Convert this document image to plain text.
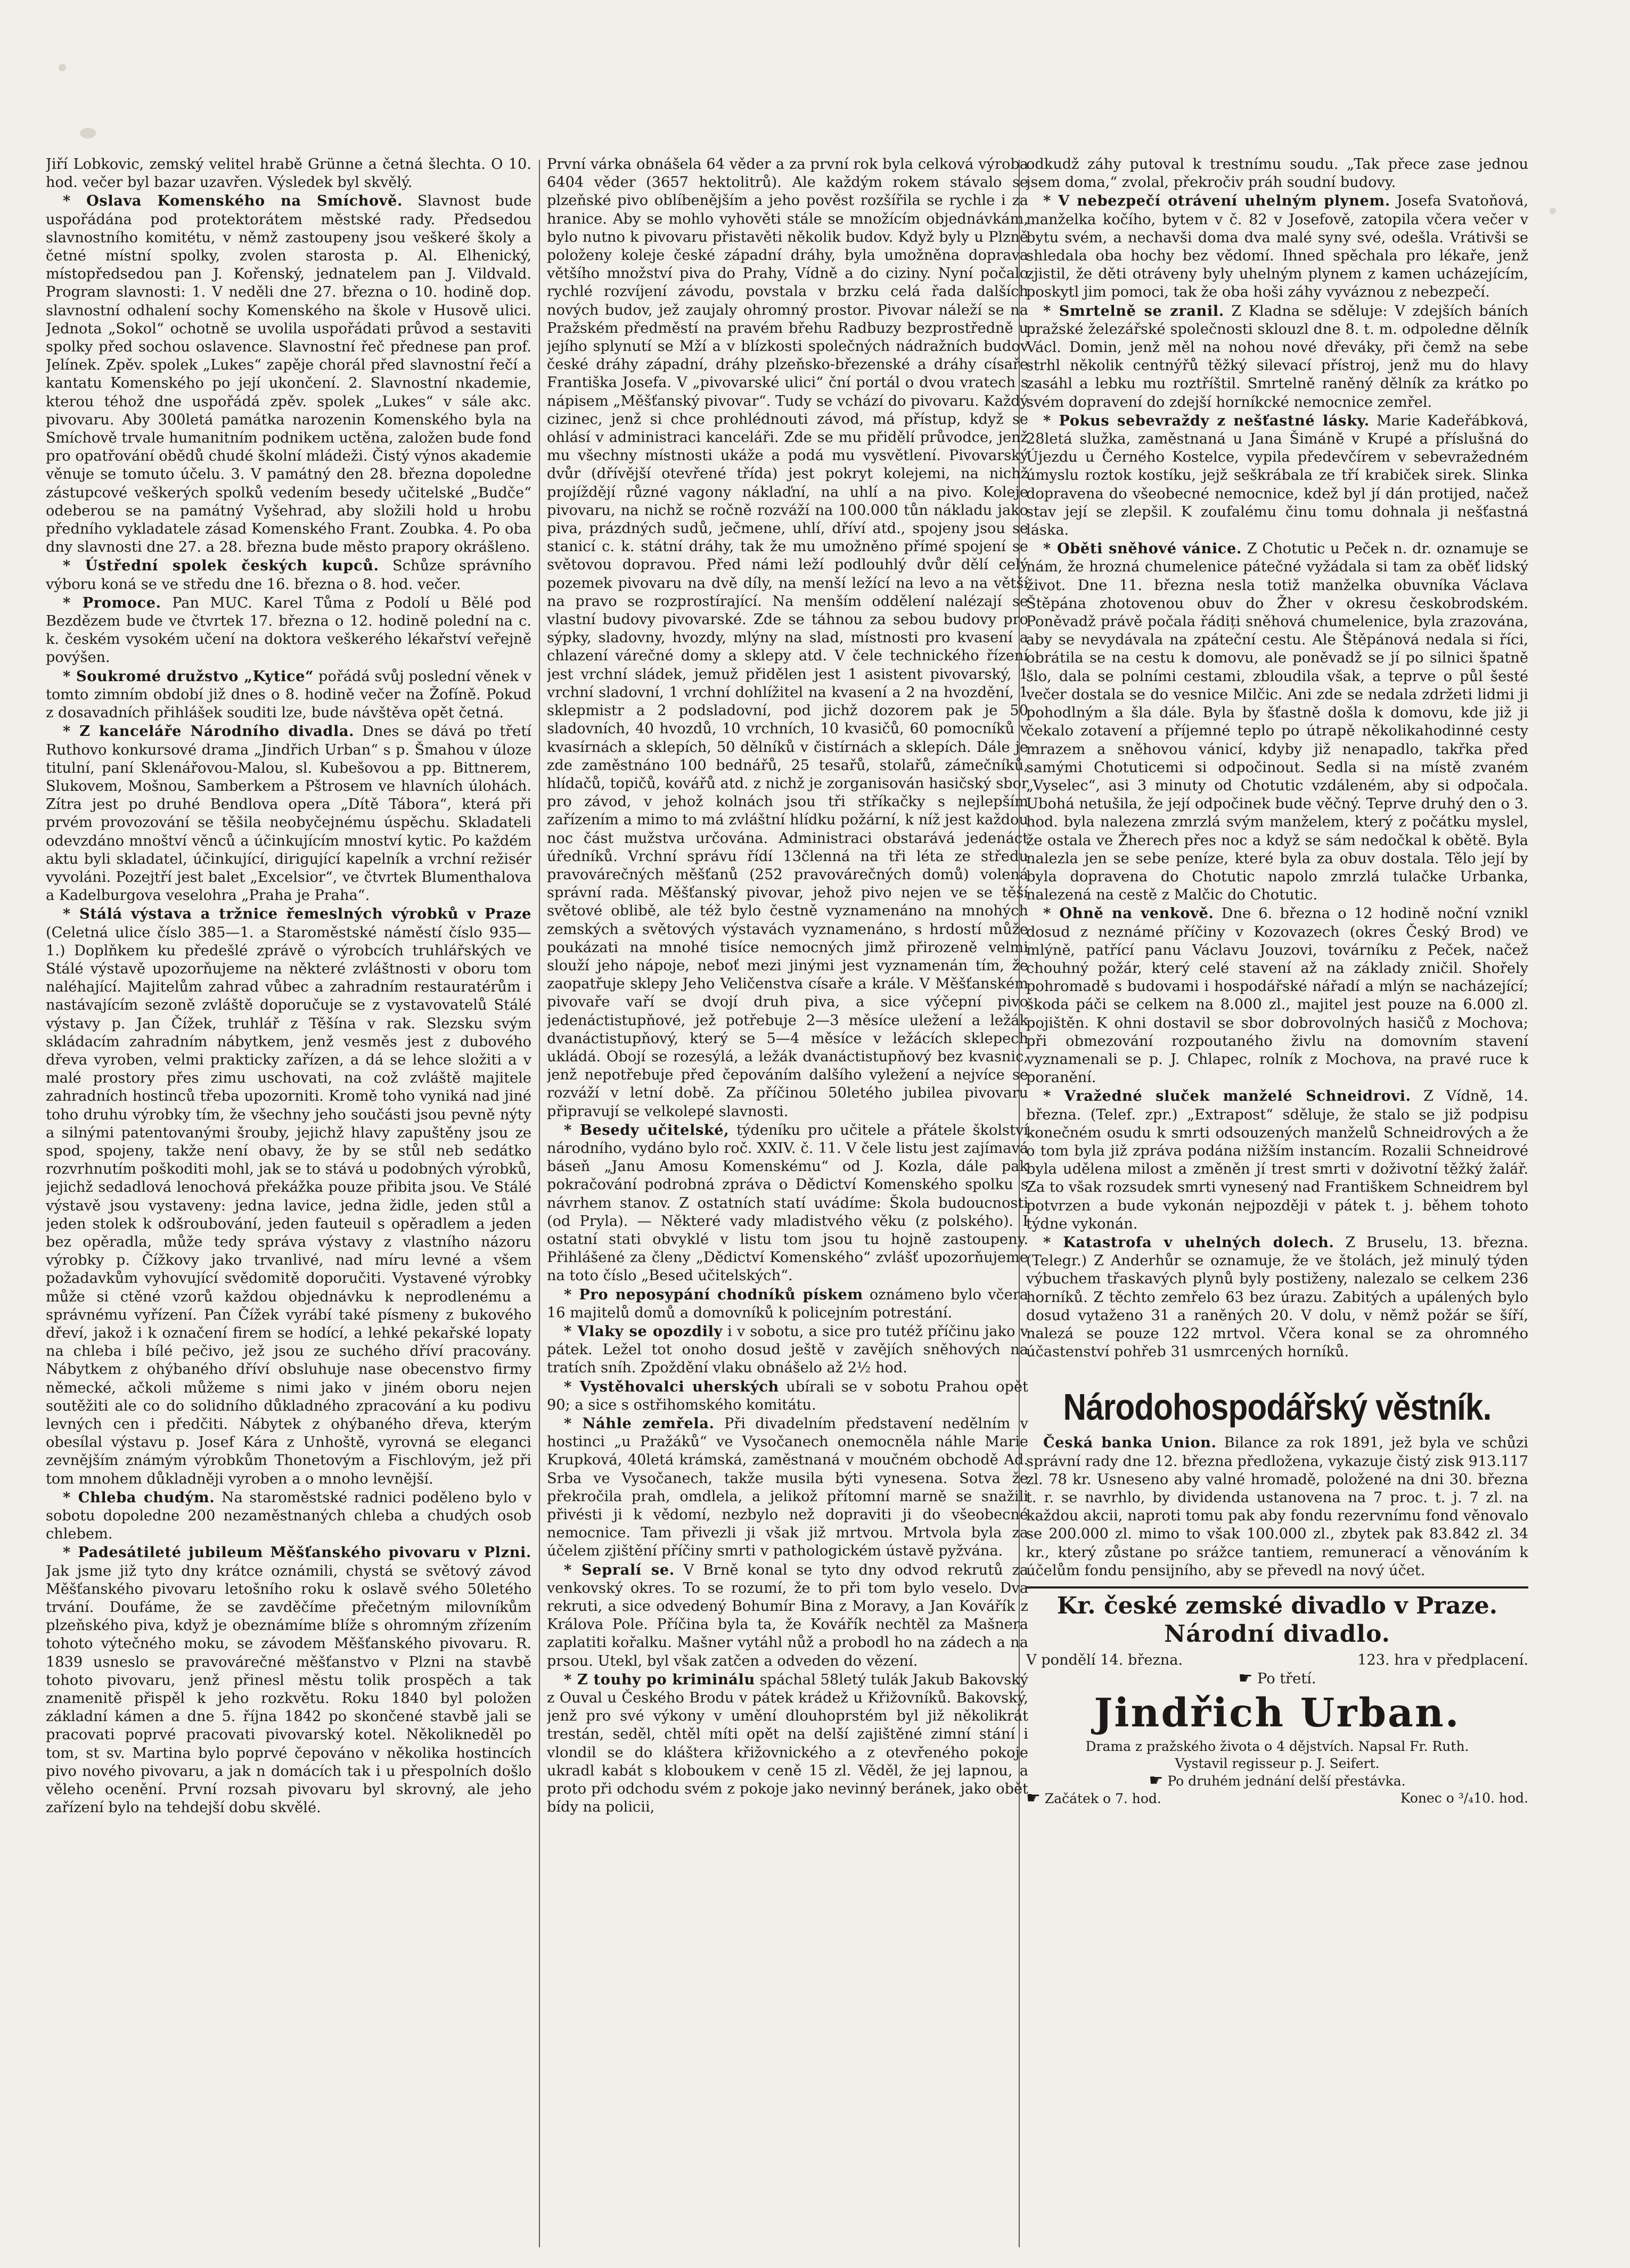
Jiří Lobkovic, zemský velitel hrabě Grünne a četná šlechta. O 10. hod. večer byl bazar uzavřen. Výsledek byl skvělý.

* Oslava Komenského na Smíchově. Slavnost bude uspořádána pod protektorátem městské rady. Předsedou slavnostního komitétu, v němž zastoupeny jsou veškeré školy a četné místní spolky, zvolen starosta p. Al. Elhenický, místopředsedou pan J. Kořenský, jednatelem pan J. Vildvald. Program slavnosti: 1. V neděli dne 27. března o 10. hodině dop. slavnostní odhalení sochy Komenského na škole v Husově ulici. Jednota „Sokol“ ochotně se uvolila uspořádati průvod a sestaviti spolky před sochou oslavence. Slavnostní řeč přednese pan prof. Jelínek. Zpěv. spolek „Lukes“ zapěje chorál před slavnostní řečí a kantatu Komenského po její ukončení. 2. Slavnostní nkademie, kterou téhož dne uspořádá zpěv. spolek „Lukes“ v sále akc. pivovaru. Aby 300letá památka narozenin Komenského byla na Smíchově trvale humanitním podnikem uctěna, založen bude fond pro opatřování obědů chudé školní mládeži. Čistý výnos akademie věnuje se tomuto účelu. 3. V památný den 28. března dopoledne zástupcové veškerých spolků vedením besedy učitelské „Budče“ odeberou se na památný Vyšehrad, aby složili hold u hrobu předního vykladatele zásad Komenského Frant. Zoubka. 4. Po oba dny slavnosti dne 27. a 28. března bude město prapory okrášleno.

* Ústřední spolek českých kupců. Schůze správního výboru koná se ve středu dne 16. března o 8. hod. večer.

* Promoce. Pan MUC. Karel Tůma z Podolí u Bělé pod Bezdězem bude ve čtvrtek 17. března o 12. hodině polední na c. k. českém vysokém učení na doktora veškerého lékařství veřejně povýšen.

* Soukromé družstvo „Kytice“ pořádá svůj poslední věnek v tomto zimním období již dnes o 8. hodině večer na Žofíně. Pokud z dosavadních přihlášek souditi lze, bude návštěva opět četná.

* Z kanceláře Národního divadla. Dnes se dává po třetí Ruthovo konkursové drama „Jindřich Urban“ s p. Šmahou v úloze titulní, paní Sklenářovou-Malou, sl. Kubešovou a pp. Bittnerem, Slukovem, Mošnou, Samberkem a Pštrosem ve hlavních úlohách. Zítra jest po druhé Bendlova opera „Dítě Tábora“, která při prvém provozování se těšila neobyčejnému úspěchu. Skladateli odevzdáno mnoštví věnců a účinkujícím mnoství kytic. Po každém aktu byli skladatel, účinkující, dirigující kapelník a vrchní režisér vyvoláni. Pozejtří jest balet „Excelsior“, ve čtvrtek Blumenthalova a Kadelburgova veselohra „Praha je Praha“.

* Stálá výstava a tržnice řemeslných výrobků v Praze (Celetná ulice číslo 385—1. a Staroměstské náměstí číslo 935—1.) Doplňkem ku předešlé zprávě o výrobcích truhlářských ve Stálé výstavě upozorňujeme na některé zvláštnosti v oboru tom naléhající. Majitelům zahrad vůbec a zahradním restauratérům i nastávajícím sezoně zvláště doporučuje se z vystavovatelů Stálé výstavy p. Jan Čížek, truhlář z Těšína v rak. Slezsku svým skládacím zahradním nábytkem, jenž vesměs jest z dubového dřeva vyroben, velmi prakticky zařízen, a dá se lehce složiti a v malé prostory přes zimu uschovati, na což zvláště majitele zahradních hostinců třeba upozorniti. Kromě toho vyniká nad jiné toho druhu výrobky tím, že všechny jeho součásti jsou pevně nýty a silnými patentovanými šrouby, jejichž hlavy zapuštěny jsou ze spod, spojeny, takže není obavy, že by se stůl neb sedátko rozvrhnutím poškoditi mohl, jak se to stává u podobných výrobků, jejichž sedadlová lenochová překážka pouze přibita jsou. Ve Stálé výstavě jsou vystaveny: jedna lavice, jedna židle, jeden stůl a jeden stolek k odšroubování, jeden fauteuil s opěradlem a jeden bez opěradla, může tedy správa výstavy z vlastního názoru výrobky p. Čížkovy jako trvanlivé, nad míru levné a všem požadavkům vyhovující svědomitě doporučiti. Vystavené výrobky může si ctěné vzorů každou objednávku k neprodlenému a správnému vyřízení. Pan Čížek vyrábí také písmeny z bukového dřeví, jakož i k označení firem se hodící, a lehké pekařské lopaty na chleba i bílé pečivo, jež jsou ze suchého dříví pracovány. Nábytkem z ohýbaného dříví obsluhuje nase obecenstvo firmy německé, ačkoli můžeme s nimi jako v jiném oboru nejen soutěžiti ale co do solidního důkladného zpracování a ku podivu levných cen i předčiti. Nábytek z ohýbaného dřeva, kterým obesílal výstavu p. Josef Kára z Unhoště, vyrovná se eleganci zevnějším známým výrobkům Thonetovým a Fischlovým, jež při tom mnohem důkladněji vyroben a o mnoho levnější.

* Chleba chudým. Na staroměstské radnici poděleno bylo v sobotu dopoledne 200 nezaměstnaných chleba a chudých osob chlebem.

* Padesátileté jubileum Měšťanského pivovaru v Plzni. Jak jsme již tyto dny krátce oznámili, chystá se světový závod Měšťanského pivovaru letošního roku k oslavě svého 50letého trvání. Doufáme, že se zavděčíme přečetným milovníkům plzeňského piva, když je obeznámíme blíže s ohromným zřízením tohoto výtečného moku, se závodem Měšťanského pivovaru. R. 1839 usneslo se pravovárečné měšťanstvo v Plzni na stavbě tohoto pivovaru, jenž přinesl městu tolik prospěch a tak znamenitě přispěl k jeho rozkvětu. Roku 1840 byl položen základní kámen a dne 5. října 1842 po skončené stavbě jali se pracovati poprvé pracovati pivovarský kotel. Několikneděl po tom, st sv. Martina bylo poprvé čepováno v několika hostincích pivo nového pivovaru, a jak n domácích tak i u přespolních došlo věleho ocenění. První rozsah pivovaru byl skrovný, ale jeho zařízení bylo na tehdejší dobu skvělé.

První várka obnášela 64 věder a za první rok byla celková výroba 6404 věder (3657 hektolitrů). Ale každým rokem stávalo se plzeňské pivo oblíbenějším a jeho pověst rozšířila se rychle i za hranice. Aby se mohlo vyhověti stále se množícím objednávkám, bylo nutno k pivovaru přistavěti několik budov. Když byly u Plzně položeny koleje české západní dráhy, byla umožněna doprava většího množství piva do Prahy, Vídně a do ciziny. Nyní počalo rychlé rozvíjení závodu, povstala v brzku celá řada dalších nových budov, jež zaujaly ohromný prostor. Pivovar náleží se na Pražském předměstí na pravém břehu Radbuzy bezprostředně u jejího splynutí se Mží a v blízkosti společných nádražních budov české dráhy západní, dráhy plzeňsko-březenské a dráhy císaře Františka Josefa. V „pivovarské ulici“ ční portál o dvou vratech s nápisem „Měšťanský pivovar“. Tudy se vchází do pivovaru. Každý cizinec, jenž si chce prohlédnouti závod, má přístup, když se ohlásí v administraci kanceláři. Zde se mu přidělí průvodce, jenž mu všechny místnosti ukáže a podá mu vysvětlení. Pivovarský dvůr (dřívější otevřené třída) jest pokryt kolejemi, na nichž projíždějí různé vagony náklaďní, na uhlí a na pivo. Koleje pivovaru, na nichž se ročně rozváží na 100.000 tůn nákladu jako piva, prázdných sudů, ječmene, uhlí, dříví atd., spojeny jsou se stanicí c. k. státní dráhy, tak že mu umožněno přímé spojení se světovou dopravou. Před námi leží podlouhlý dvůr dělí celý pozemek pivovaru na dvě díly, na menší ležící na levo a na větší na pravo se rozprostírající. Na menším oddělení nalézají se vlastní budovy pivovarské. Zde se táhnou za sebou budovy pro sýpky, sladovny, hvozdy, mlýny na slad, místnosti pro kvasení a chlazení várečné domy a sklepy atd. V čele technického řízení jest vrchní sládek, jemuž přidělen jest 1 asistent pivovarský, 1 vrchní sladovní, 1 vrchní dohlížitel na kvasení a 2 na hvozdění, 1 sklepmistr a 2 podsladovní, pod jichž dozorem pak je 50 sladovních, 40 hvozdů, 10 vrchních, 10 kvasičů, 60 pomocníků v kvasírnách a sklepích, 50 dělníků v čistírnách a sklepích. Dále je zde zaměstnáno 100 bednářů, 25 tesařů, stolařů, zámečníků, hlídačů, topičů, kovářů atd. z nichž je zorganisován hasičský sbor pro závod, v jehož kolnách jsou tři stříkačky s nejlepším zařízením a mimo to má zvláštní hlídku požární, k níž jest každou noc část mužstva určována. Administraci obstarává jedenáct úředníků. Vrchní správu řídí 13členná na tři léta ze středu pravovárečných měšťanů (252 pravovárečných domů) volená správní rada. Měšťanský pivovar, jehož pivo nejen ve se těší světové oblibě, ale též bylo čestně vyznamenáno na mnohých zemských a světových výstavách vyznamenáno, s hrdostí může poukázati na mnohé tisíce nemocných jimž přirozeně velmi slouží jeho nápoje, neboť mezi jinými jest vyznamenán tím, že zaopatřuje sklepy Jeho Veličenstva císaře a krále. V Měšťanském pivovaře vaří se dvojí druh piva, a sice výčepní pivo jedenáctistupňové, jež potřebuje 2—3 měsíce uležení a ležák dvanáctistupňový, který se 5—4 měsíce v ležácích sklepech ukládá. Obojí se rozesýlá, a ležák dvanáctistupňový bez kvasnic, jenž nepotřebuje před čepováním dalšího vyležení a nejvíce se rozváží v letní době. Za příčinou 50letého jubilea pivovaru připravují se velkolepé slavnosti.

* Besedy učitelské, týdeníku pro učitele a přátele školství národního, vydáno bylo roč. XXIV. č. 11. V čele listu jest zajímavá báseň „Janu Amosu Komenskému“ od J. Kozla, dále pak pokračování podrobná zpráva o Dědictví Komenského spolku s návrhem stanov. Z ostatních statí uvádíme: Škola budoucnosti (od Pryla). — Některé vady mladistvého věku (z polského). I ostatní stati obvyklé v listu tom jsou tu hojně zastoupeny. Přihlášené za členy „Dědictví Komenského“ zvlášť upozorňujeme na toto číslo „Besed učitelských“.

* Pro neposypání chodníků pískem oznámeno bylo včera 16 majitelů domů a domovníků k policejním potrestání.

* Vlaky se opozdily i v sobotu, a sice pro tutéž příčinu jako v pátek. Ležel tot onoho dosud ještě v zavějích sněhových na tratích sníh. Zpoždění vlaku obnášelo až 2½ hod.

* Vystěhovalci uherských ubírali se v sobotu Prahou opět 90; a sice s ostřihomského komitátu.

* Náhle zemřela. Při divadelním představení nedělním v hostinci „u Pražáků“ ve Vysočanech onemocněla náhle Marie Krupková, 40letá krámská, zaměstnaná v moučném obchodě Ad. Srba ve Vysočanech, takže musila býti vynesena. Sotva že překročila prah, omdlela, a jelikož přítomní marně se snažili přivésti ji k vědomí, nezbylo než dopraviti ji do všeobecné nemocnice. Tam přivezli ji však již mrtvou. Mrtvola byla za účelem zjištění příčiny smrti v pathologickém ústavě pyžvána.

* Sepralí se. V Brně konal se tyto dny odvod rekrutů za venkovský okres. To se rozumí, že to při tom bylo veselo. Dva rekruti, a sice odvedený Bohumír Bina z Moravy, a Jan Kovářík z Králova Pole. Příčina byla ta, že Kovářík nechtěl za Mašnera zaplatiti kořalku. Mašner vytáhl nůž a probodl ho na zádech a na prsou. Utekl, byl však zatčen a odveden do vězení.

* Z touhy po kriminálu spáchal 58letý tulák Jakub Bakovský z Ouval u Českého Brodu v pátek krádež u Křižovníků. Bakovský, jenž pro své výkony v umění dlouhoprstém byl již několikrát trestán, seděl, chtěl míti opět na delší zajištěné zimní stání i vlondil se do kláštera křižovnického a z otevřeného pokoje ukradl kabát s kloboukem v ceně 15 zl. Věděl, že jej lapnou, a proto při odchodu svém z pokoje jako nevinný beránek, jako obět bídy na policii,

odkudž záhy putoval k trestnímu soudu. „Tak přece zase jednou jsem doma,“ zvolal, překročiv práh soudní budovy.

* V nebezpečí otrávení uhelným plynem. Josefa Svatoňová, manželka kočího, bytem v č. 82 v Josefově, zatopila včera večer v bytu svém, a nechavši doma dva malé syny své, odešla. Vrátivši se shledala oba hochy bez vědomí. Ihned spěchala pro lékaře, jenž zjistil, že děti otráveny byly uhelným plynem z kamen ucházejícím, poskytl jim pomoci, tak že oba hoši záhy vyváznou z nebezpečí.

* Smrtelně se zranil. Z Kladna se sděluje: V zdejších báních pražské železářské společnosti sklouzl dne 8. t. m. odpoledne dělník Václ. Domin, jenž měl na nohou nové dřeváky, při čemž na sebe strhl několik centnýřů těžký silevací přístroj, jenž mu do hlavy zasáhl a lebku mu roztříštil. Smrtelně raněný dělník za krátko po svém dopravení do zdejší horníkcké nemocnice zemřel.

* Pokus sebevraždy z nešťastné lásky. Marie Kadeřábková, 28letá služka, zaměstnaná u Jana Šimáně v Krupé a příslušná do Újezdu u Černého Kostelce, vypila předevčírem v sebevražedném úmyslu roztok kostíku, jejž seškrábala ze tří krabiček sirek. Slinka dopravena do všeobecné nemocnice, kdež byl jí dán protijed, načež stav její se zlepšil. K zoufalému činu tomu dohnala ji nešťastná láska.

* Oběti sněhové vánice. Z Chotutic u Peček n. dr. oznamuje se nám, že hrozná chumelenice pátečné vyžádala si tam za oběť lidský život. Dne 11. března nesla totiž manželka obuvníka Václava Štěpána zhotovenou obuv do Žher v okresu českobrodském. Poněvadž právě počala řádiți sněhová chumelenice, byla zrazována, aby se nevydávala na zpáteční cestu. Ale Štěpánová nedala si říci, obrátila se na cestu k domovu, ale poněvadž se jí po silnici špatně šlo, dala se polními cestami, zbloudila však, a teprve o půl šesté večer dostala se do vesnice Milčic. Ani zde se nedala zdržeti lidmi ji pohodlným a šla dále. Byla by šťastně došla k domovu, kde již ji čekalo zotavení a příjemné teplo po útrapě několikahodinné cesty mrazem a sněhovou vánicí, kdyby již nenapadlo, takřka před samými Chotuticemi si odpočinout. Sedla si na místě zvaném „Vyselec“, asi 3 minuty od Chotutic vzdáleném, aby si odpočala. Ubohá netušila, že její odpočinek bude věčný. Teprve druhý den o 3. hod. byla nalezena zmrzlá svým manželem, který z počátku myslel, že ostala ve Žherech přes noc a když se sám nedočkal k obětě. Byla nalezla jen se sebe peníze, které byla za obuv dostala. Tělo její by byla dopravena do Chotutic napolo zmrzlá tulačke Urbanka, nalezená na cestě z Malčic do Chotutic.

* Ohně na venkově. Dne 6. března o 12 hodině noční vznikl dosud z neznámé příčiny v Kozovazech (okres Český Brod) ve mlýně, patřící panu Václavu Jouzovi, továrníku z Peček, načež chouhný požár, který celé stavení až na základy zničil. Shořely pohromadě s budovami i hospodářské nářadí a mlýn se nacházející; škoda páči se celkem na 8.000 zl., majitel jest pouze na 6.000 zl. pojištěn. K ohni dostavil se sbor dobrovolných hasičů z Mochova; při obmezování rozpoutaného živlu na domovním stavení vyznamenali se p. J. Chlapec, rolník z Mochova, na pravé ruce k poranění.

* Vražedné sluček manželé Schneidrovi. Z Vídně, 14. března. (Telef. zpr.) „Extrapost“ sděluje, že stalo se již podpisu konečném osudu k smrti odsouzených manželů Schneidrových a že o tom byla již zpráva podána nižším instancím. Rozalii Schneidrové byla udělena milost a změněn jí trest smrti v doživotní těžký žalář. Za to však rozsudek smrti vynesený nad Františkem Schneidrem byl potvrzen a bude vykonán nejpozději v pátek t. j. během tohoto týdne vykonán.

* Katastrofa v uhelných dolech. Z Bruselu, 13. března. (Telegr.) Z Anderhůr se oznamuje, že ve štolách, jež minulý týden výbuchem třaskavých plynů byly postiženy, nalezalo se celkem 236 horníků. Z těchto zemřelo 63 bez úrazu. Zabitých a upálených bylo dosud vytaženo 31 a raněných 20. V dolu, v němž požár se šíří, nalezá se pouze 122 mrtvol. Včera konal se za ohromného účastenství pohřeb 31 usmrcených horníků.

Národohospodářský věstník.

Česká banka Union. Bilance za rok 1891, jež byla ve schůzi správní rady dne 12. března předložena, vykazuje čistý zisk 913.117 zl. 78 kr. Usneseno aby valné hromadě, položené na dni 30. března t. r. se navrhlo, by dividenda ustanovena na 7 proc. t. j. 7 zl. na každou akcii, naproti tomu pak aby fondu rezervnímu fond věnovalo se 200.000 zl. mimo to však 100.000 zl., zbytek pak 83.842 zl. 34 kr., který zůstane po srážce tantiem, remunerací a věnováním k účelům fondu pensijního, aby se převedl na nový účet.

Kr. české zemské divadlo v Praze.
Národní divadlo.
V pondělí 14. března.	123. hra v předplacení.
☛ Po třetí.
Jindřich Urban.
Drama z pražského života o 4 dějstvích. Napsal Fr. Ruth.
Vystavil regisseur p. J. Seifert.
☛ Po druhém jednání delší přestávka.
☛ Začátek o 7. hod.	Konec o ³/₄10. hod.
